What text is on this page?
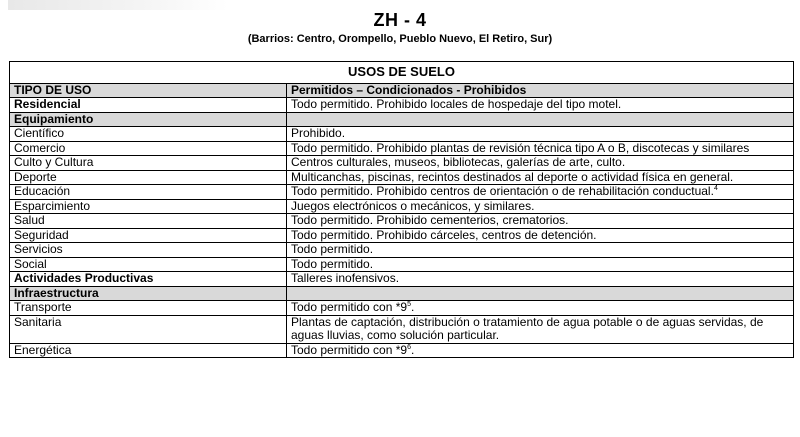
ZH - 4
(Barrios: Centro, Orompello, Pueblo Nuevo, El Retiro, Sur)
USOS DE SUELO	
TIPO DE USO	Permitidos – Condicionados - Prohibidos
Residencial	Todo permitido. Prohibido locales de hospedaje del tipo motel.
Equipamiento	
Científico	Prohibido.
Comercio	Todo permitido. Prohibido plantas de revisión técnica tipo A o B, discotecas y similares
Culto y Cultura	Centros culturales, museos, bibliotecas, galerías de arte, culto.
Deporte	Multicanchas, piscinas, recintos destinados al deporte o actividad física en general.
Educación	Todo permitido. Prohibido centros de orientación o de rehabilitación conductual.$^4$
Esparcimiento	Juegos electrónicos o mecánicos, y similares.
Salud	Todo permitido. Prohibido cementerios, crematorios.
Seguridad	Todo permitido. Prohibido cárceles, centros de detención.
Servicios	Todo permitido.
Social	Todo permitido.
Actividades Productivas	Talleres inofensivos.
Infraestructura	
Transporte	Todo permitido con $*9^5$.
Sanitaria	Plantas de captación, distribución o tratamiento de agua potable o de aguas servidas, de aguas lluvias, como solución particular.
Energética	Todo permitido con $*9^6$.
